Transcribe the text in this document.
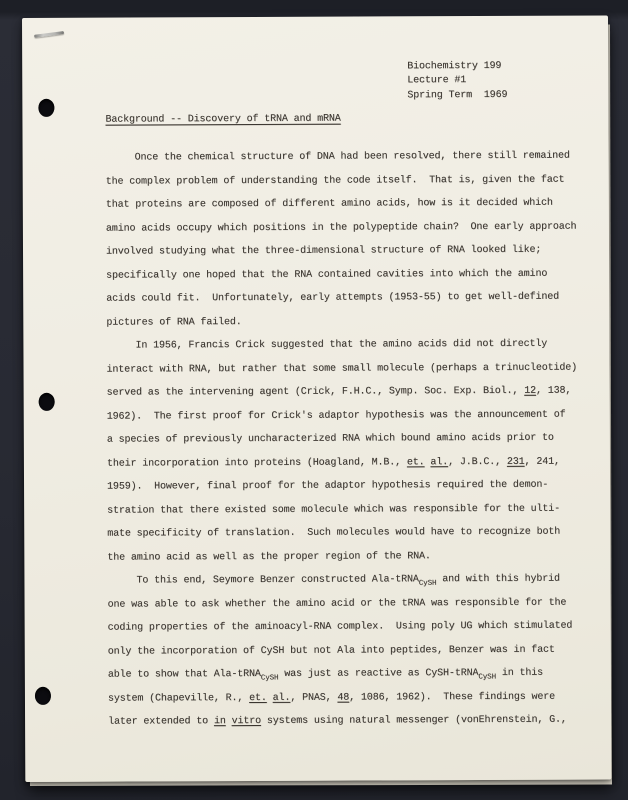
Biochemistry 199
Lecture #1
Spring Term  1969
Background -- Discovery of tRNA and mRNA
Once the chemical structure of DNA had been resolved, there still remained
the complex problem of understanding the code itself.  That is, given the fact
that proteins are composed of different amino acids, how is it decided which
amino acids occupy which positions in the polypeptide chain?  One early approach
involved studying what the three-dimensional structure of RNA looked like;
specifically one hoped that the RNA contained cavities into which the amino
acids could fit.  Unfortunately, early attempts (1953-55) to get well-defined
pictures of RNA failed.
In 1956, Francis Crick suggested that the amino acids did not directly
interact with RNA, but rather that some small molecule (perhaps a trinucleotide)
served as the intervening agent (Crick, F.H.C., Symp. Soc. Exp. Biol., 12, 138,
1962).  The first proof for Crick's adaptor hypothesis was the announcement of
a species of previously uncharacterized RNA which bound amino acids prior to
their incorporation into proteins (Hoagland, M.B., et. al., J.B.C., 231, 241,
1959).  However, final proof for the adaptor hypothesis required the demon-
stration that there existed some molecule which was responsible for the ulti-
mate specificity of translation.  Such molecules would have to recognize both
the amino acid as well as the proper region of the RNA.
To this end, Seymore Benzer constructed Ala-tRNA$_{CySH}$ and with this hybrid
one was able to ask whether the amino acid or the tRNA was responsible for the
coding properties of the aminoacyl-RNA complex.  Using poly UG which stimulated
only the incorporation of CySH but not Ala into peptides, Benzer was in fact
able to show that Ala-tRNA$_{CySH}$ was just as reactive as CySH-tRNA$_{CySH}$ in this
system (Chapeville, R., et. al., PNAS, 48, 1086, 1962).  These findings were
later extended to in vitro systems using natural messenger (vonEhrenstein, G.,
